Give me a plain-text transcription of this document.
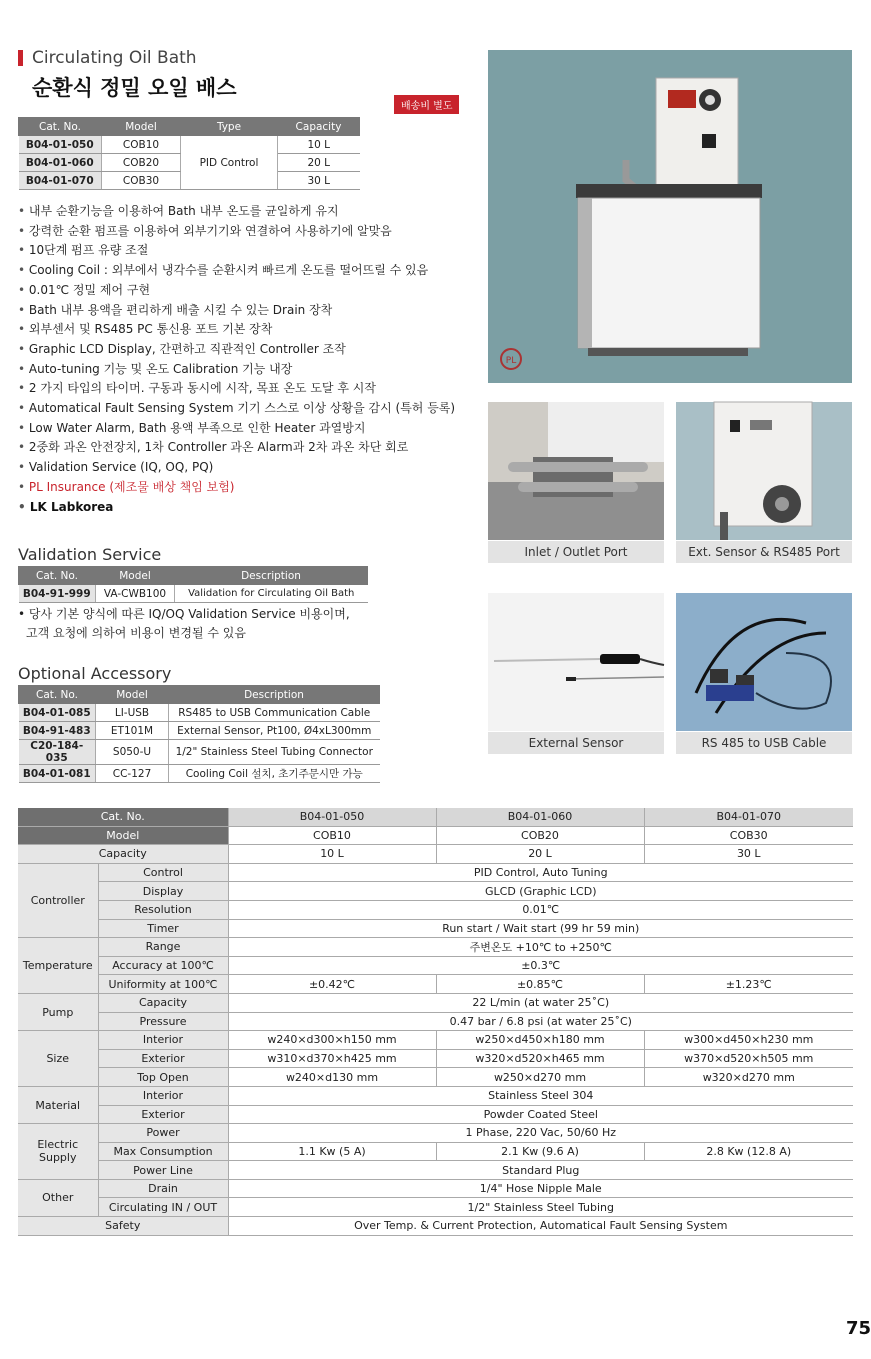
Circulating Oil Bath
순환식 정밀 오일 배스
배송비 별도
Cat. No.	Model	Type	Capacity
B04-01-050	COB10	PID Control	10 L
B04-01-060	COB20		20 L
B04-01-070	COB30		30 L
• 내부 순환기능을 이용하여 Bath 내부 온도를 균일하게 유지
• 강력한 순환 펌프를 이용하여 외부기기와 연결하여 사용하기에 알맞음
• 10단계 펌프 유량 조절
• Cooling Coil : 외부에서 냉각수를 순환시켜 빠르게 온도를 떨어뜨릴 수 있음
• 0.01℃ 정밀 제어 구현
• Bath 내부 용액을 편리하게 배출 시킬 수 있는 Drain 장착
• 외부센서 및 RS485 PC 통신용 포트 기본 장착
• Graphic LCD Display, 간편하고 직관적인 Controller 조작
• Auto-tuning 기능 및 온도 Calibration 기능 내장
• 2 가지 타입의 타이머. 구동과 동시에 시작, 목표 온도 도달 후 시작
• Automatical Fault Sensing System 기기 스스로 이상 상황을 감시 (특허 등록)
• Low Water Alarm, Bath 용액 부족으로 인한 Heater 과열방지
• 2중화 과온 안전장치, 1차 Controller 과온 Alarm과 2차 과온 차단 회로
• Validation Service (IQ, OQ, PQ)
• PL Insurance (제조물 배상 책임 보험)
• LK Labkorea
Validation Service
Cat. No.	Model	Description
B04-91-999	VA-CWB100	Validation for Circulating Oil Bath
• 당사 기본 양식에 따른 IQ/OQ Validation Service 비용이며,
고객 요청에 의하여 비용이 변경될 수 있음
Optional Accessory
Cat. No.	Model	Description
B04-01-085	LI-USB	RS485 to USB Communication Cable
B04-91-483	ET101M	External Sensor, Pt100, Ø4xL300mm
C20-184-035	S050-U	1/2" Stainless Steel Tubing Connector
B04-01-081	CC-127	Cooling Coil 설치, 초기주문시만 가능
PL
Inlet / Outlet Port	Ext. Sensor & RS485 Port
External Sensor	RS 485 to USB Cable
Cat. No.		B04-01-050	B04-01-060	B04-01-070
Model		COB10	COB20	COB30
Capacity		10 L	20 L	30 L
Controller	Control	PID Control, Auto Tuning		
	Display	GLCD (Graphic LCD)		
	Resolution	0.01℃		
	Timer	Run start / Wait start (99 hr 59 min)		
Temperature	Range	주변온도 +10℃ to +250℃		
	Accuracy at 100℃	±0.3℃		
	Uniformity at 100℃	±0.42℃	±0.85℃	±1.23℃
Pump	Capacity	22 L/min (at water 25˚C)		
	Pressure	0.47 bar / 6.8 psi (at water 25˚C)		
Size	Interior	w240×d300×h150 mm	w250×d450×h180 mm	w300×d450×h230 mm
	Exterior	w310×d370×h425 mm	w320×d520×h465 mm	w370×d520×h505 mm
	Top Open	w240×d130 mm	w250×d270 mm	w320×d270 mm
Material	Interior	Stainless Steel 304		
	Exterior	Powder Coated Steel		
Electric Supply	Power	1 Phase, 220 Vac, 50/60 Hz		
	Max Consumption	1.1 Kw (5 A)	2.1 Kw (9.6 A)	2.8 Kw (12.8 A)
	Power Line	Standard Plug		
Other	Drain	1/4" Hose Nipple Male		
	Circulating IN / OUT	1/2" Stainless Steel Tubing		
Safety		Over Temp. & Current Protection, Automatical Fault Sensing System		
75
